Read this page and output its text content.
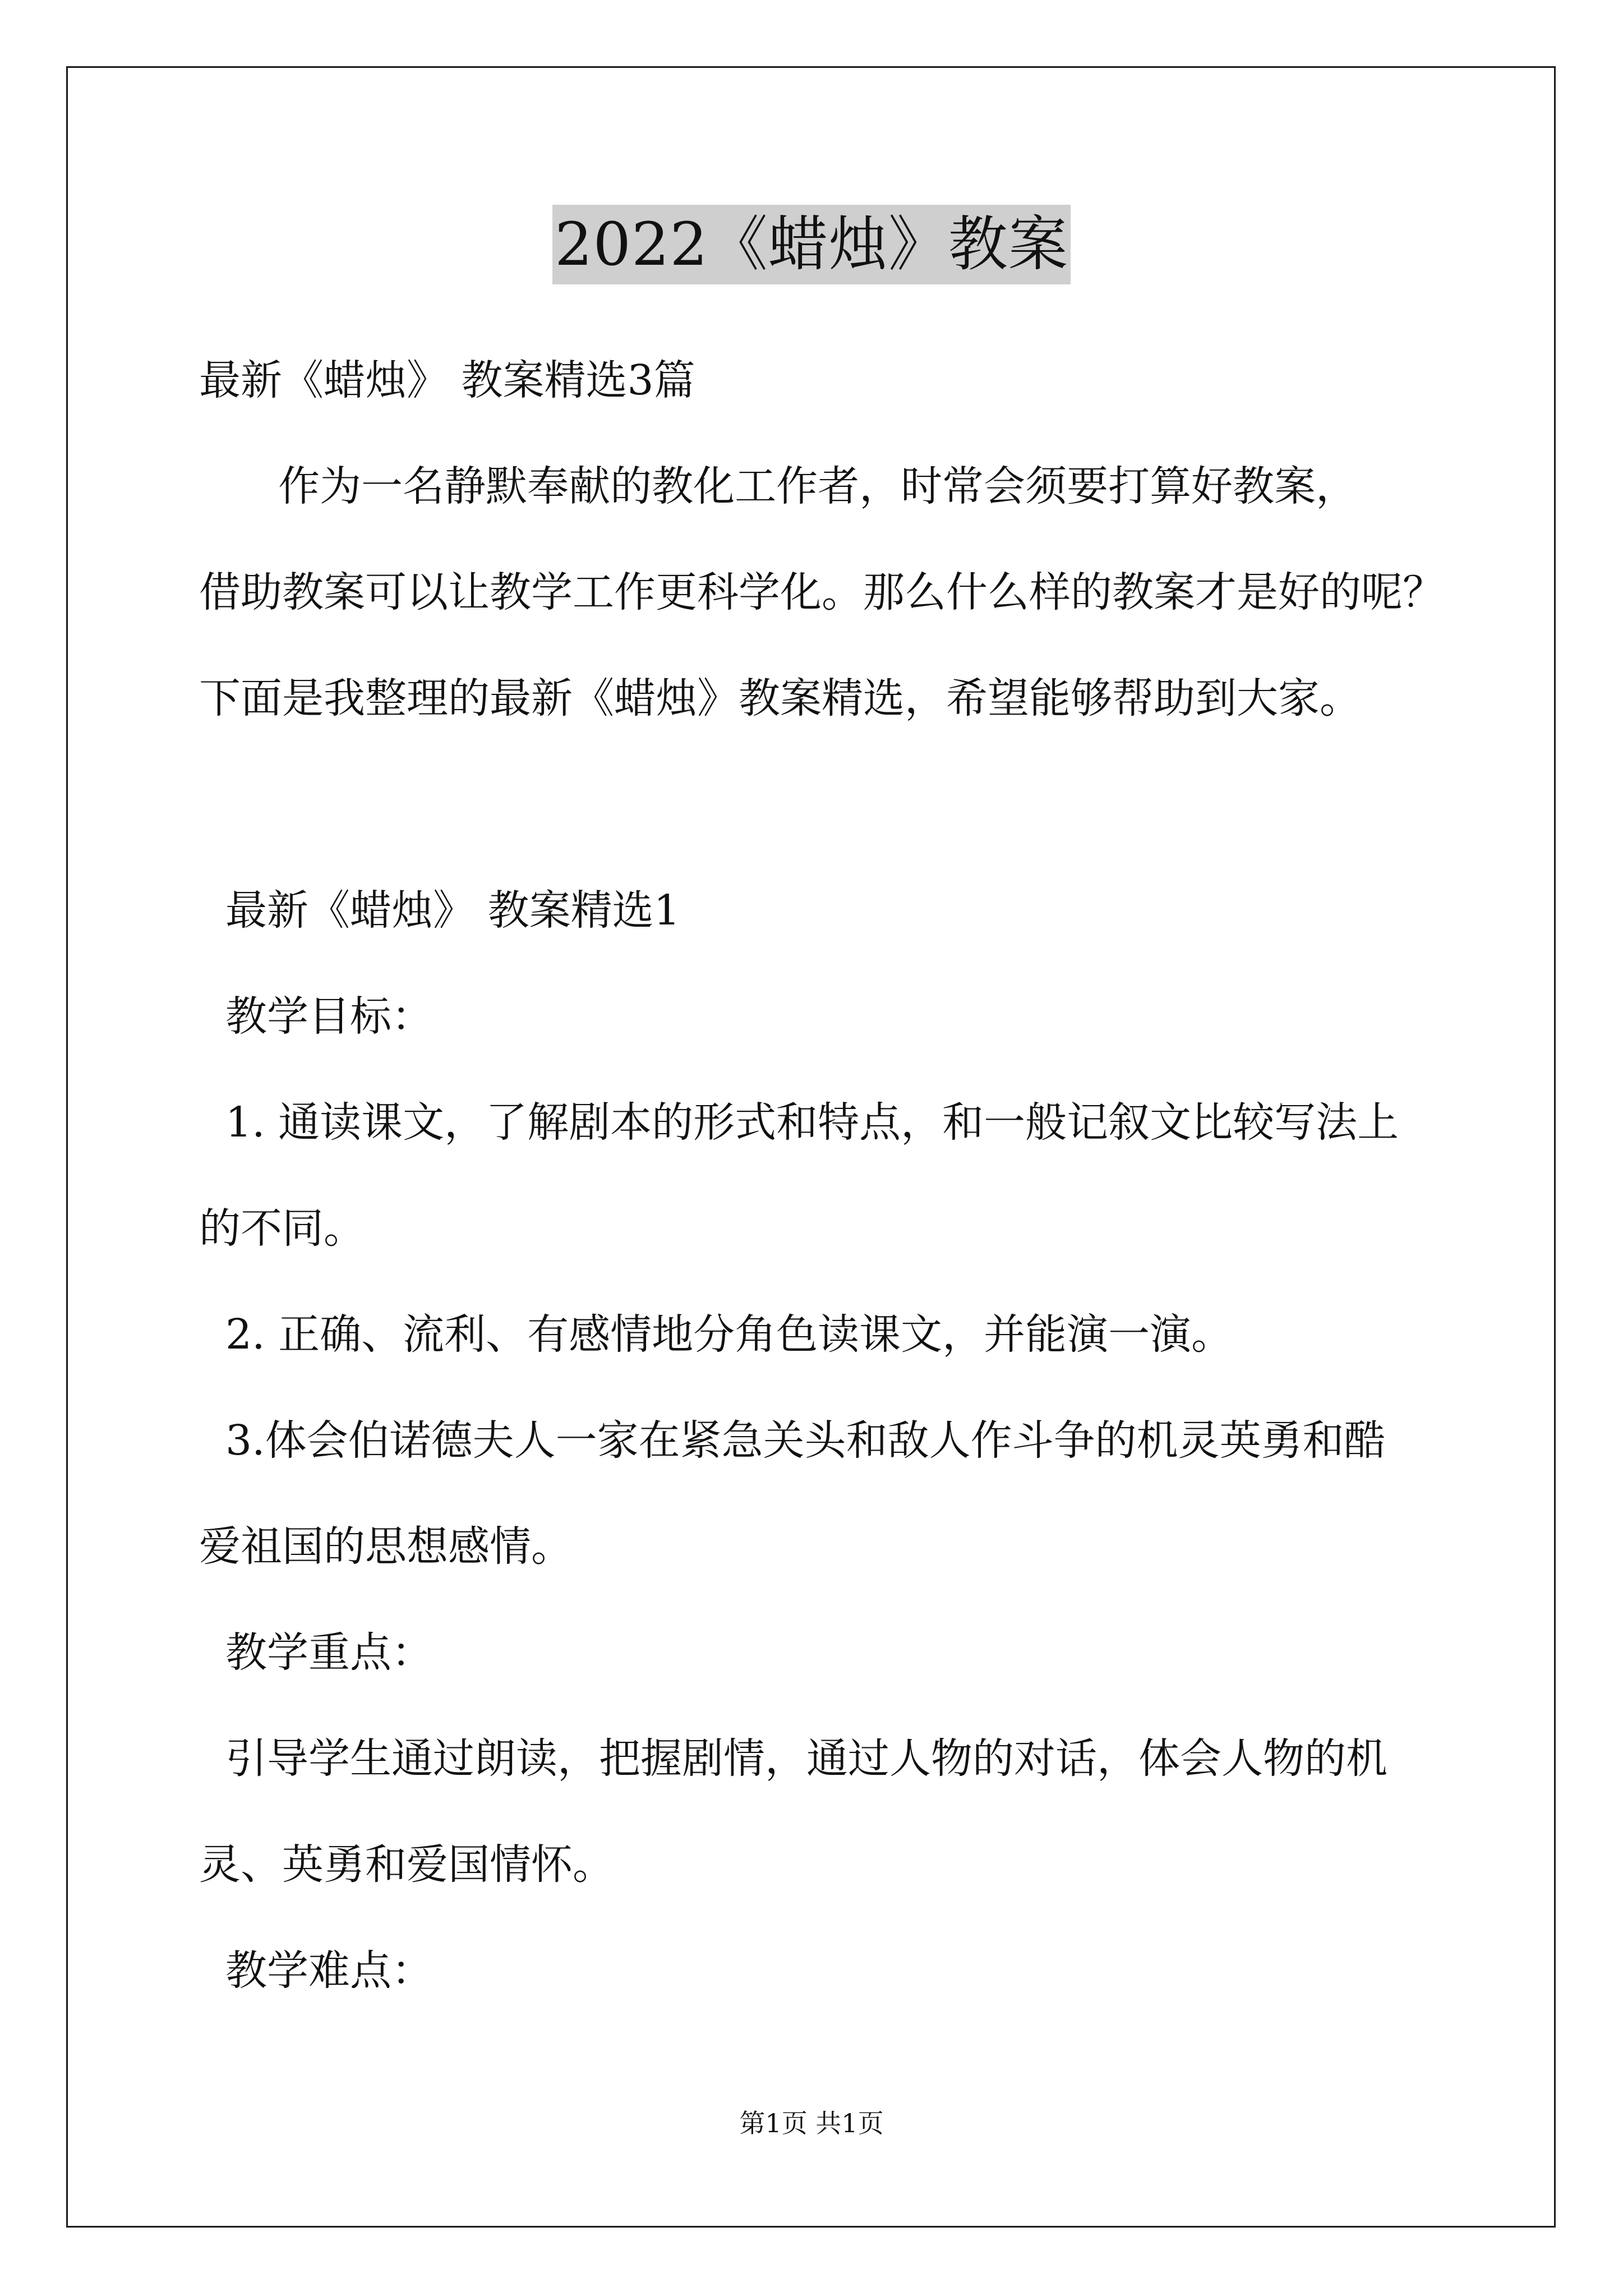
2022《蜡烛》教案
最新《蜡烛》 教案精选3篇
作为一名静默奉献的教化工作者，时常会须要打算好教案，
借助教案可以让教学工作更科学化。那么什么样的教案才是好的呢？
下面是我整理的最新《蜡烛》教案精选，希望能够帮助到大家。
最新《蜡烛》 教案精选1
教学目标：
1. 通读课文，了解剧本的形式和特点，和一般记叙文比较写法上
的不同。
2. 正确、流利、有感情地分角色读课文，并能演一演。
3.体会伯诺德夫人一家在紧急关头和敌人作斗争的机灵英勇和酷
爱祖国的思想感情。
教学重点：
引导学生通过朗读，把握剧情，通过人物的对话，体会人物的机
灵、英勇和爱国情怀。
教学难点：
第1页 共1页
